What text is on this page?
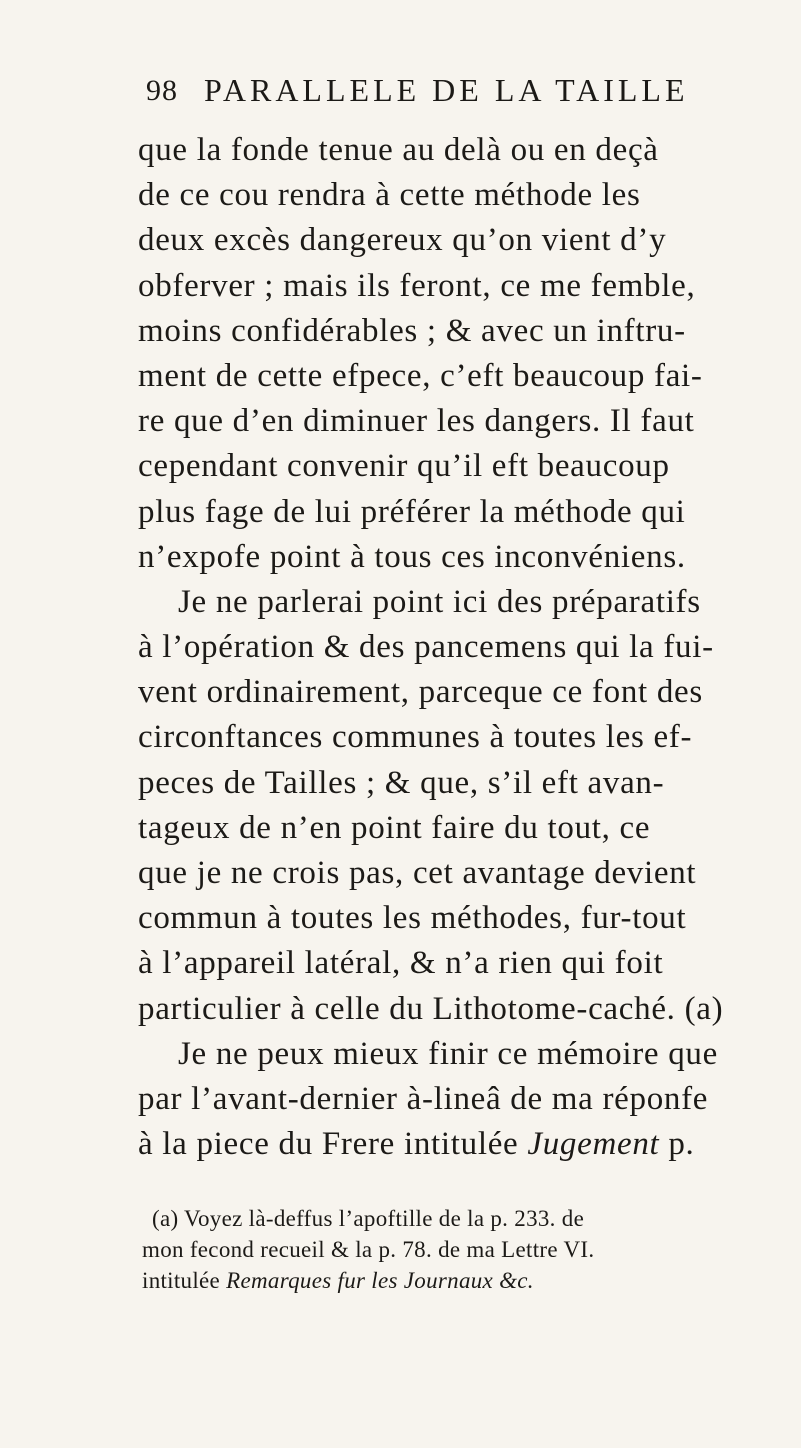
98 PARALLELE DE LA TAILLE
que la fonde tenue au delà ou en deçà
de ce cou rendra à cette méthode les
deux excès dangereux qu’on vient d’y
obferver ; mais ils feront, ce me femble,
moins confidérables ; & avec un inftru-
ment de cette efpece, c’eft beaucoup fai-
re que d’en diminuer les dangers. Il faut
cependant convenir qu’il eft beaucoup
plus fage de lui préférer la méthode qui
n’expofe point à tous ces inconvéniens.
Je ne parlerai point ici des préparatifs
à l’opération & des pancemens qui la fui-
vent ordinairement, parceque ce font des
circonftances communes à toutes les ef-
peces de Tailles ; & que, s’il eft avan-
tageux de n’en point faire du tout, ce
que je ne crois pas, cet avantage devient
commun à toutes les méthodes, fur-tout
à l’appareil latéral, & n’a rien qui foit
particulier à celle du Lithotome-caché. (a)
Je ne peux mieux finir ce mémoire que
par l’avant-dernier à-lineâ de ma réponfe
à la piece du Frere intitulée Jugement p.
(a) Voyez là-deffus l’apoftille de la p. 233. de
mon fecond recueil & la p. 78. de ma Lettre VI.
intitulée Remarques fur les Journaux &c.
